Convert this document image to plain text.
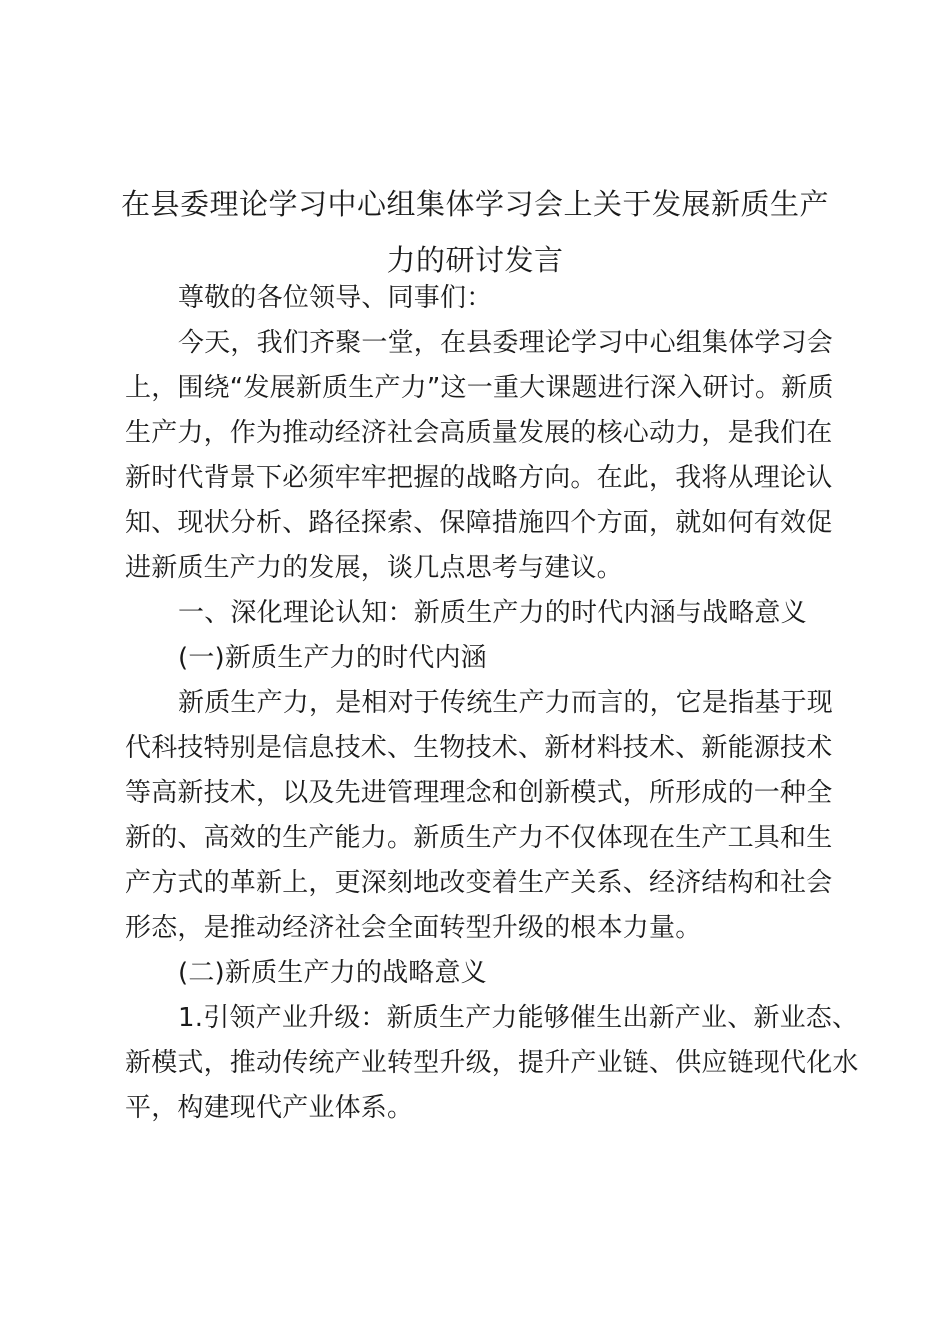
在县委理论学习中心组集体学习会上关于发展新质生产
力的研讨发言

尊敬的各位领导、同事们：

今天，我们齐聚一堂，在县委理论学习中心组集体学习会

上，围绕“发展新质生产力”这一重大课题进行深入研讨。新质

生产力，作为推动经济社会高质量发展的核心动力，是我们在

新时代背景下必须牢牢把握的战略方向。在此，我将从理论认

知、现状分析、路径探索、保障措施四个方面，就如何有效促

进新质生产力的发展，谈几点思考与建议。

一、深化理论认知：新质生产力的时代内涵与战略意义

(一)新质生产力的时代内涵

新质生产力，是相对于传统生产力而言的，它是指基于现

代科技特别是信息技术、生物技术、新材料技术、新能源技术

等高新技术，以及先进管理理念和创新模式，所形成的一种全

新的、高效的生产能力。新质生产力不仅体现在生产工具和生

产方式的革新上，更深刻地改变着生产关系、经济结构和社会

形态，是推动经济社会全面转型升级的根本力量。

(二)新质生产力的战略意义

1.引领产业升级：新质生产力能够催生出新产业、新业态、

新模式，推动传统产业转型升级，提升产业链、供应链现代化水

平，构建现代产业体系。
